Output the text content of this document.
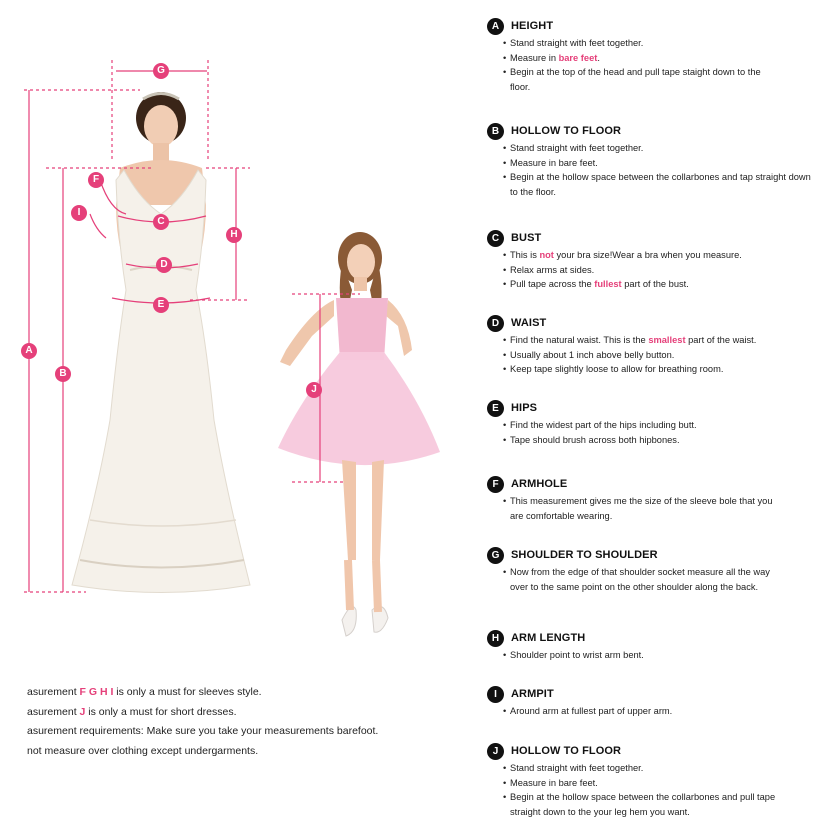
G
F
I
C
H
D
E
A
B
J
asurement F G H I is only a must for sleeves style.
asurement J is only a must for short dresses.
asurement requirements: Make sure you take your measurements barefoot.
not measure over clothing except undergarments.
A	HEIGHT
• Stand straight with feet together.
• Measure in bare feet.
• Begin at the top of the head and pull tape staight down to the floor.
B	HOLLOW TO FLOOR
• Stand straight with feet together.
• Measure in bare feet.
• Begin at the hollow space between the collarbones and tap straight down to the floor.
C	BUST
• This is not your bra size!Wear a bra when you measure.
• Relax arms at sides.
• Pull tape across the fullest part of the bust.
D	WAIST
• Find the natural waist. This is the smallest part of the waist.
• Usually about 1 inch above belly button.
• Keep tape slightly loose to allow for breathing room.
E	HIPS
• Find the widest part of the hips including butt.
• Tape should brush across both hipbones.
F	ARMHOLE
• This measurement gives me the size of the sleeve bole that you are comfortable wearing.
G	SHOULDER TO SHOULDER
• Now from the edge of that shoulder socket measure all the way over to the same point on the other shoulder along the back.
H	ARM LENGTH
• Shoulder point to wrist arm bent.
I	ARMPIT
• Around arm at fullest part of upper arm.
J	HOLLOW TO FLOOR
• Stand straight with feet together.
• Measure in bare feet.
• Begin at the hollow space between the collarbones and pull tape straight down to the your leg hem you want.
